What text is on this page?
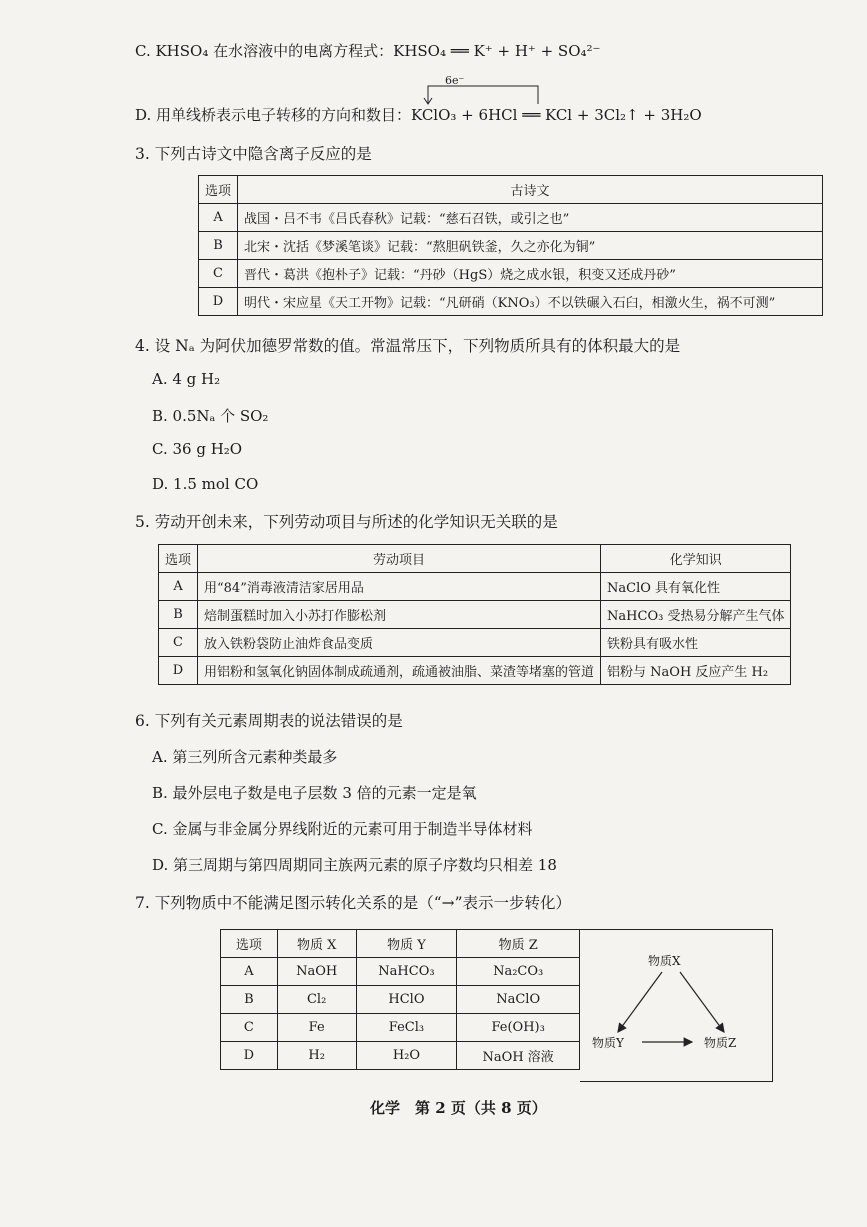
C. KHSO₄ 在水溶液中的电离方程式：KHSO₄ ══ K⁺ + H⁺ + SO₄²⁻
6e⁻
D. 用单线桥表示电子转移的方向和数目：KClO₃ + 6HCl ══ KCl + 3Cl₂↑ + 3H₂O
3. 下列古诗文中隐含离子反应的是
选项	古诗文
A	战国・吕不韦《吕氏春秋》记载：“慈石召铁，或引之也”
B	北宋・沈括《梦溪笔谈》记载：“熬胆矾铁釜，久之亦化为铜”
C	晋代・葛洪《抱朴子》记载：“丹砂（HgS）烧之成水银，积变又还成丹砂”
D	明代・宋应星《天工开物》记载：“凡研硝（KNO₃）不以铁碾入石臼，相激火生，祸不可测”
4. 设 Nₐ 为阿伏加德罗常数的值。常温常压下，下列物质所具有的体积最大的是
A. 4 g H₂
B. 0.5Nₐ 个 SO₂
C. 36 g H₂O
D. 1.5 mol CO
5. 劳动开创未来，下列劳动项目与所述的化学知识无关联的是
选项	劳动项目	化学知识
A	用“84”消毒液清洁家居用品	NaClO 具有氧化性
B	焙制蛋糕时加入小苏打作膨松剂	NaHCO₃ 受热易分解产生气体
C	放入铁粉袋防止油炸食品变质	铁粉具有吸水性
D	用铝粉和氢氧化钠固体制成疏通剂，疏通被油脂、菜渣等堵塞的管道	铝粉与 NaOH 反应产生 H₂
6. 下列有关元素周期表的说法错误的是
A. 第三列所含元素种类最多
B. 最外层电子数是电子层数 3 倍的元素一定是氧
C. 金属与非金属分界线附近的元素可用于制造半导体材料
D. 第三周期与第四周期同主族两元素的原子序数均只相差 18
7. 下列物质中不能满足图示转化关系的是（“→”表示一步转化）
选项	物质 X	物质 Y	物质 Z
A	NaOH	NaHCO₃	Na₂CO₃
B	Cl₂	HClO	NaClO
C	Fe	FeCl₃	Fe(OH)₃
D	H₂	H₂O	NaOH 溶液
物质X
物质Y	物质Z
化学　第 2 页（共 8 页）
